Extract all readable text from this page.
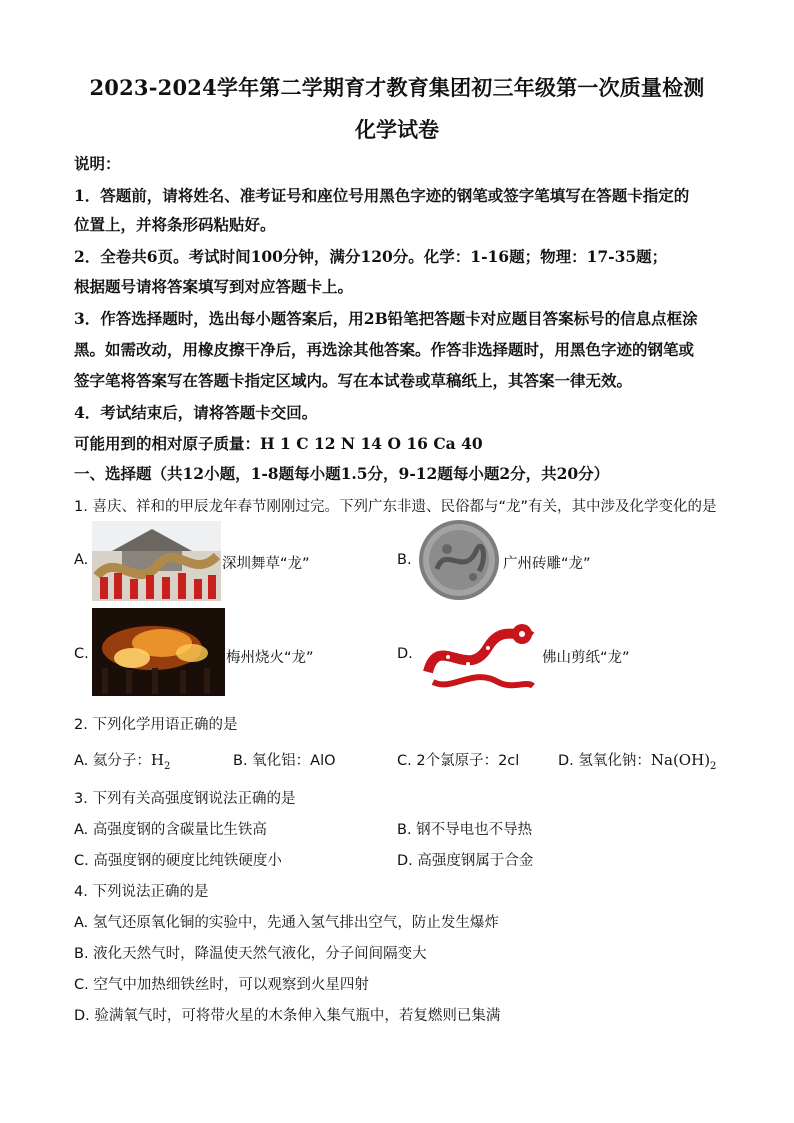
2023-2024学年第二学期育才教育集团初三年级第一次质量检测
化学试卷
说明：
1．答题前，请将姓名、准考证号和座位号用黑色字迹的钢笔或签字笔填写在答题卡指定的
位置上，并将条形码粘贴好。
2．全卷共6页。考试时间100分钟，满分120分。化学：1-16题；物理：17-35题；
根据题号请将答案填写到对应答题卡上。
3．作答选择题时，选出每小题答案后，用2B铅笔把答题卡对应题目答案标号的信息点框涂
黑。如需改动，用橡皮擦干净后，再选涂其他答案。作答非选择题时，用黑色字迹的钢笔或
签字笔将答案写在答题卡指定区域内。写在本试卷或草稿纸上，其答案一律无效。
4．考试结束后，请将答题卡交回。
可能用到的相对原子质量：H 1 C 12 N 14 O 16 Ca 40
一、选择题（共12小题，1-8题每小题1.5分，9-12题每小题2分，共20分）
1. 喜庆、祥和的甲辰龙年春节刚刚过完。下列广东非遗、民俗都与“龙”有关，其中涉及化学变化的是
A.	深圳舞草“龙”	B.	广州砖雕“龙”
C.	梅州烧火“龙”	D.	佛山剪纸“龙”
2. 下列化学用语正确的是
A. 氦分子：$H_2$	B. 氧化铝：AlO	C. 2个氯原子：2cl	D. 氢氧化钠：$Na(OH)_2$
3. 下列有关高强度钢说法正确的是
A. 高强度钢的含碳量比生铁高	B. 钢不导电也不导热
C. 高强度钢的硬度比纯铁硬度小	D. 高强度钢属于合金
4. 下列说法正确的是
A. 氢气还原氧化铜的实验中，先通入氢气排出空气，防止发生爆炸
B. 液化天然气时，降温使天然气液化，分子间间隔变大
C. 空气中加热细铁丝时，可以观察到火星四射
D. 验满氧气时，可将带火星的木条伸入集气瓶中，若复燃则已集满
